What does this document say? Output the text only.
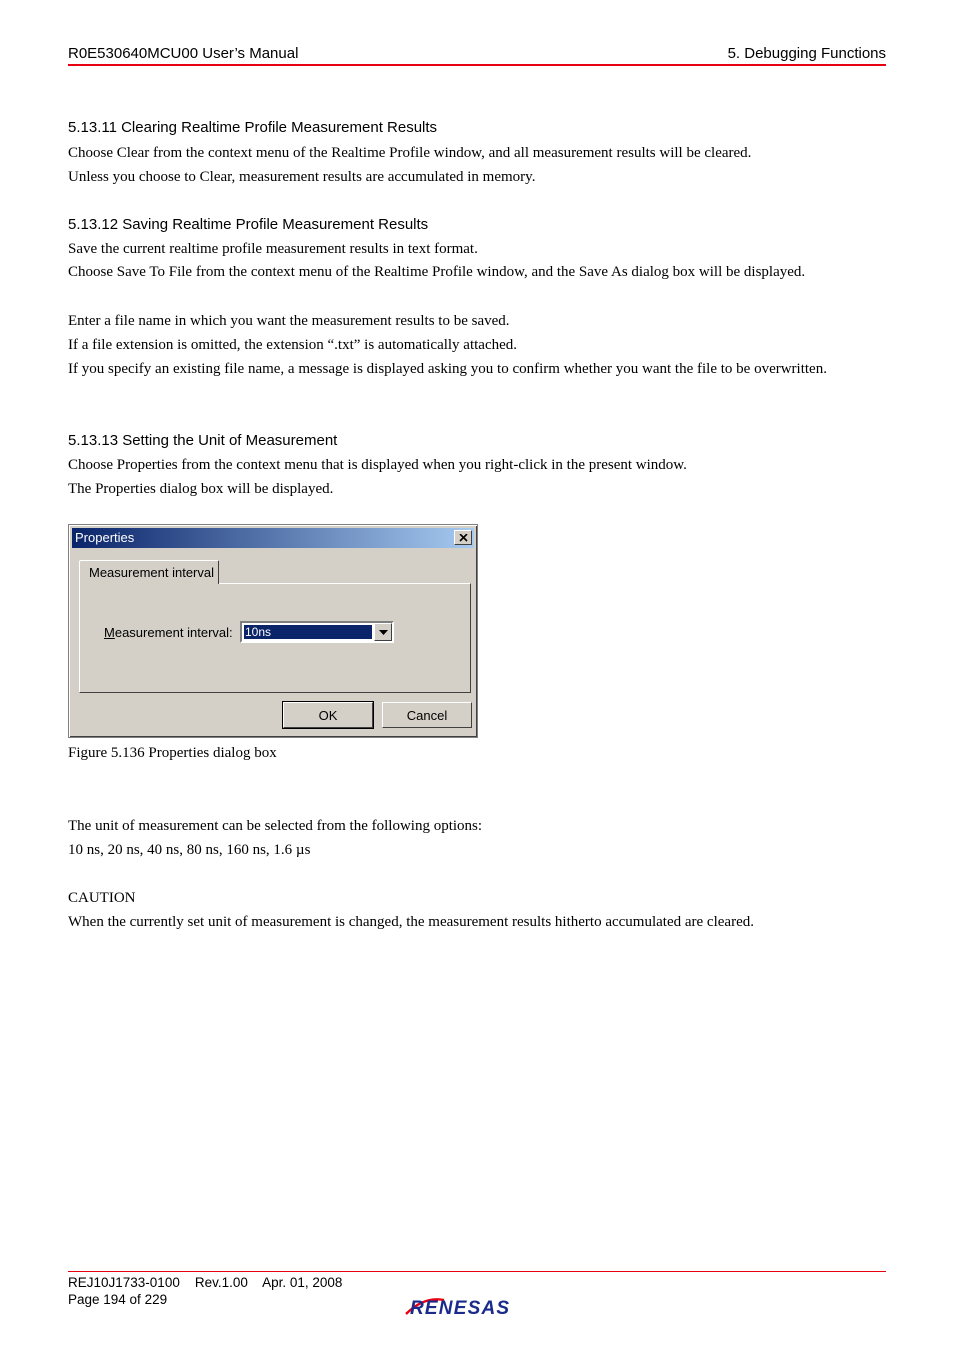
R0E530640MCU00 User’s Manual	5. Debugging Functions
5.13.11 Clearing Realtime Profile Measurement Results
Choose Clear from the context menu of the Realtime Profile window, and all measurement results will be cleared.
Unless you choose to Clear, measurement results are accumulated in memory.
5.13.12 Saving Realtime Profile Measurement Results
Save the current realtime profile measurement results in text format.
Choose Save To File from the context menu of the Realtime Profile window, and the Save As dialog box will be displayed.
Enter a file name in which you want the measurement results to be saved.
If a file extension is omitted, the extension “.txt” is automatically attached.
If you specify an existing file name, a message is displayed asking you to confirm whether you want the file to be overwritten.
5.13.13 Setting the Unit of Measurement
Choose Properties from the context menu that is displayed when you right-click in the present window.
The Properties dialog box will be displayed.
Properties
Measurement interval
Measurement interval: 10ns
OK	Cancel
Figure 5.136 Properties dialog box
The unit of measurement can be selected from the following options:
10 ns, 20 ns, 40 ns, 80 ns, 160 ns, 1.6 µs
CAUTION
When the currently set unit of measurement is changed, the measurement results hitherto accumulated are cleared.
REJ10J1733-0100    Rev.1.00    Apr. 01, 2008
Page 194 of 229	RENESAS
